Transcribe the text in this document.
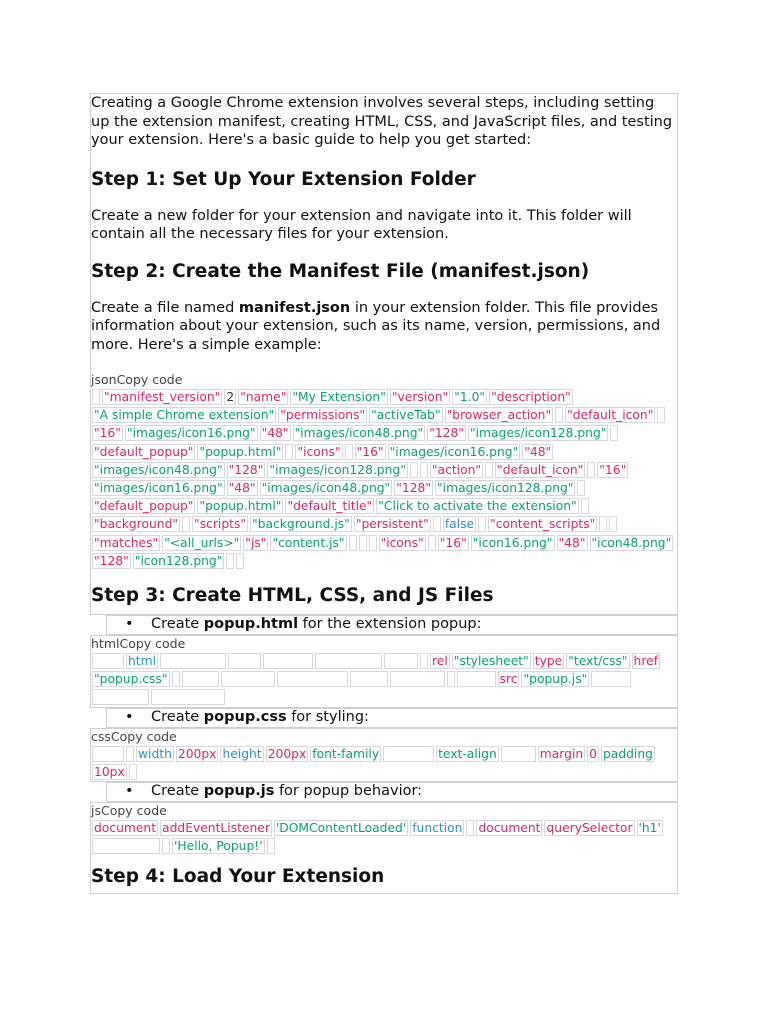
Creating a Google Chrome extension involves several steps, including setting up the extension manifest, creating HTML, CSS, and JavaScript files, and testing your extension. Here's a basic guide to help you get started:

Step 1: Set Up Your Extension Folder

Create a new folder for your extension and navigate into it. This folder will contain all the necessary files for your extension.

Step 2: Create the Manifest File (manifest.json)

Create a file named manifest.json in your extension folder. This file provides information about your extension, such as its name, version, permissions, and more. Here's a simple example:

jsonCopy code
"manifest_version" 2 "name" "My Extension" "version" "1.0" "description""A simple Chrome extension" "permissions" "activeTab" "browser_action" "default_icon""16" "images/icon16.png" "48" "images/icon48.png" "128" "images/icon128.png""default_popup" "popup.html" "icons" "16" "images/icon16.png" "48""images/icon48.png" "128" "images/icon128.png" "action" "default_icon" "16""images/icon16.png" "48" "images/icon48.png" "128" "images/icon128.png""default_popup" "popup.html" "default_title" "Click to activate the extension""background" "scripts" "background.js" "persistent" false "content_scripts""matches" "<all_urls>" "js" "content.js"	"icons" "16" "icon16.png" "48" "icon48.png""128" "icon128.png"
Step 3: Create HTML, CSS, and JS Files
• Create popup.html for the extension popup:
htmlCopy code
html	rel "stylesheet" type "text/css" href"popup.css"	src "popup.js"
• Create popup.css for styling:
cssCopy code
width 200px height 200px font-family	text-align	margin 0 padding10px
• Create popup.js for popup behavior:
jsCopy code
document addEventListener 'DOMContentLoaded' function document querySelector 'h1''Hello, Popup!'
Step 4: Load Your Extension
